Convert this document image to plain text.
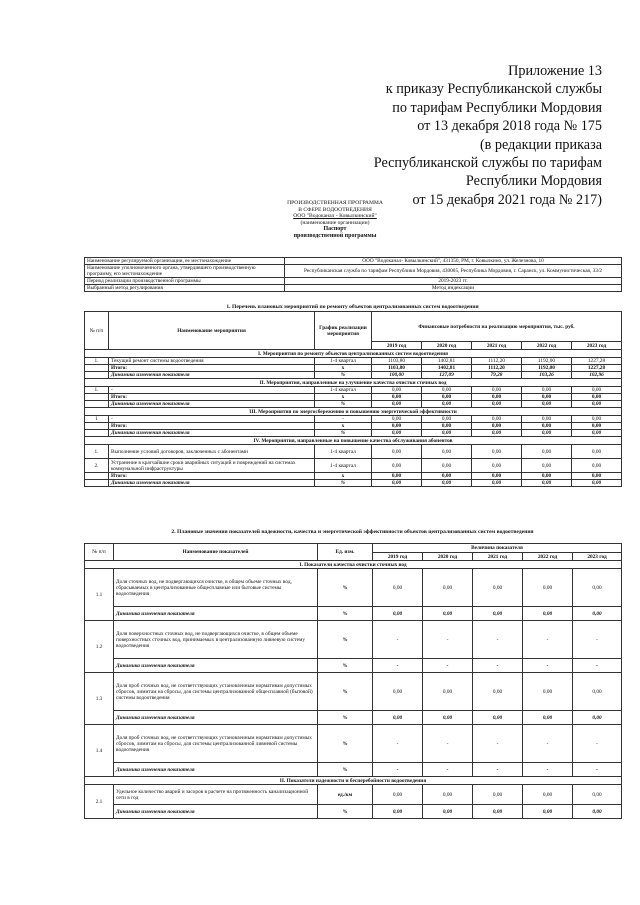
Приложение 13
к приказу Республиканской службы
по тарифам Республики Мордовия
от 13 декабря 2018 года № 175
(в редакции приказа
Республиканской службы по тарифам
Республики Мордовия
от 15 декабря 2021 года № 217)
ПРОИЗВОДСТВЕННАЯ ПРОГРАММА
В СФЕРЕ ВОДООТВЕДЕНИЯ
ООО "Водоканал - Ковылкинский"
(наименование организации)
Паспорт
производственной программы
Наименование регулируемой организации, ее местонахождение	ООО "Водоканал- Ковылкинский", 431350, РМ, г. Ковылкино, ул. Железнова, 10
Наименование уполномоченного органа, утвердившего производственную программу, его местонахождение	Республиканская служба по тарифам Республики Мордовия, 430005, Республика Мордовия, г. Саранск, ул. Коммунистическая, 33/2
Период реализации производственной программы	2019-2023 гг.
Выбранный метод регулирования	Метод индексации
1. Перечень плановых мероприятий по ремонту объектов централизованных систем водоотведения
№ п/п	Наименование мероприятия	График реализации мероприятия	Финансовые потребности на реализацию мероприятия, тыс. руб.				
			2019 год	2020 год	2021 год	2022 год	2023 год
I. Мероприятия по ремонту объектов централизованных систем водоотведения							
1.	Текущий ремонт системы водоотведения	1-4 квартал	1103,80	1402,81	1112,20	1192,00	1227,28
	Итого:	х	1103,80	1402,81	1112,20	1192,00	1227,28
	Динамика изменения показателя	%	100,00	127,09	79,28	103,26	102,96
II. Мероприятия, направленные на улучшение качества очистки сточных вод							
1.	-	1-4 квартал	0,00	0,00	0,00	0,00	0,00
	Итого:	х	0,00	0,00	0,00	0,00	0,00
	Динамика изменения показателя	%	0,00	0,00	0,00	0,00	0,00
III. Мероприятия по энергосбережению и повышению энергетической эффективности							
1	-	-	0,00	0,00	0,00	0,00	0,00
	Итого:	х	0,00	0,00	0,00	0,00	0,00
	Динамика изменения показателя	%	0,00	0,00	0,00	0,00	0,00
IV. Мероприятия, направленные на повышение качества обслуживания абонентов							
1.	Выполнение условий договоров, заключенных с абонентами	1-4 квартал	0,00	0,00	0,00	0,00	0,00
2.	Устранение в кратчайшие сроки аварийных ситуаций и повреждений на системах коммунальной инфраструктуры	1-4 квартал	0,00	0,00	0,00	0,00	0,00
	Итого:	х	0,00	0,00	0,00	0,00	0,00
	Динамика изменения показателя	%	0,00	0,00	0,00	0,00	0,00
2. Плановые значения показателей надежности, качества и энергетической эффективности объектов централизованных систем водоотведения
№ п/п	Наименование показателей	Ед. изм.	Величина показателя				
			2019 год	2020 год	2021 год	2022 год	2023 год
I. Показатели качества очистки сточных вод							
1.1	Доля сточных вод, не подвергающихся очистке, в общем объеме сточных вод, сбрасываемых в централизованные общесплавные или бытовые системы водоотведения	%	0,00	0,00	0,00	0,00	0,00
	Динамика изменения показателя	%	0,00	0,00	0,00	0,00	0,00
1.2	Доля поверхностных сточных вод, не подвергающихся очистке, в общем объеме поверхностных сточных вод, принимаемых в централизованную ливневую систему водоотведения	%	-	-	-	-	-
	Динамика изменения показателя	%	-	-	-	-	-
1.3	Доля проб сточных вод, не соответствующих установленным нормативам допустимых сбросов, лимитам на сбросы, для системы централизованной общесплавной (бытовой) системы водоотведения	%	0,00	0,00	0,00	0,00	0,00
	Динамика изменения показателя	%	0,00	0,00	0,00	0,00	0,00
1.4	Доля проб сточных вод, не соответствующих установленным нормативам допустимых сбросов, лимитам на сбросы, для системы централизованной ливневой системы водоотведения	%	-	-	-	-	-
	Динамика изменения показателя	%	-	-	-	-	-
II. Показатели надежности и бесперебойности водоотведения							
2.1	Удельное количество аварий и засоров в расчете на протяженность канализационной сети в год	ед./км	0,00	0,00	0,00	0,00	0,00
	Динамика изменения показателя	%	0,00	0,00	0,00	0,00	0,00
